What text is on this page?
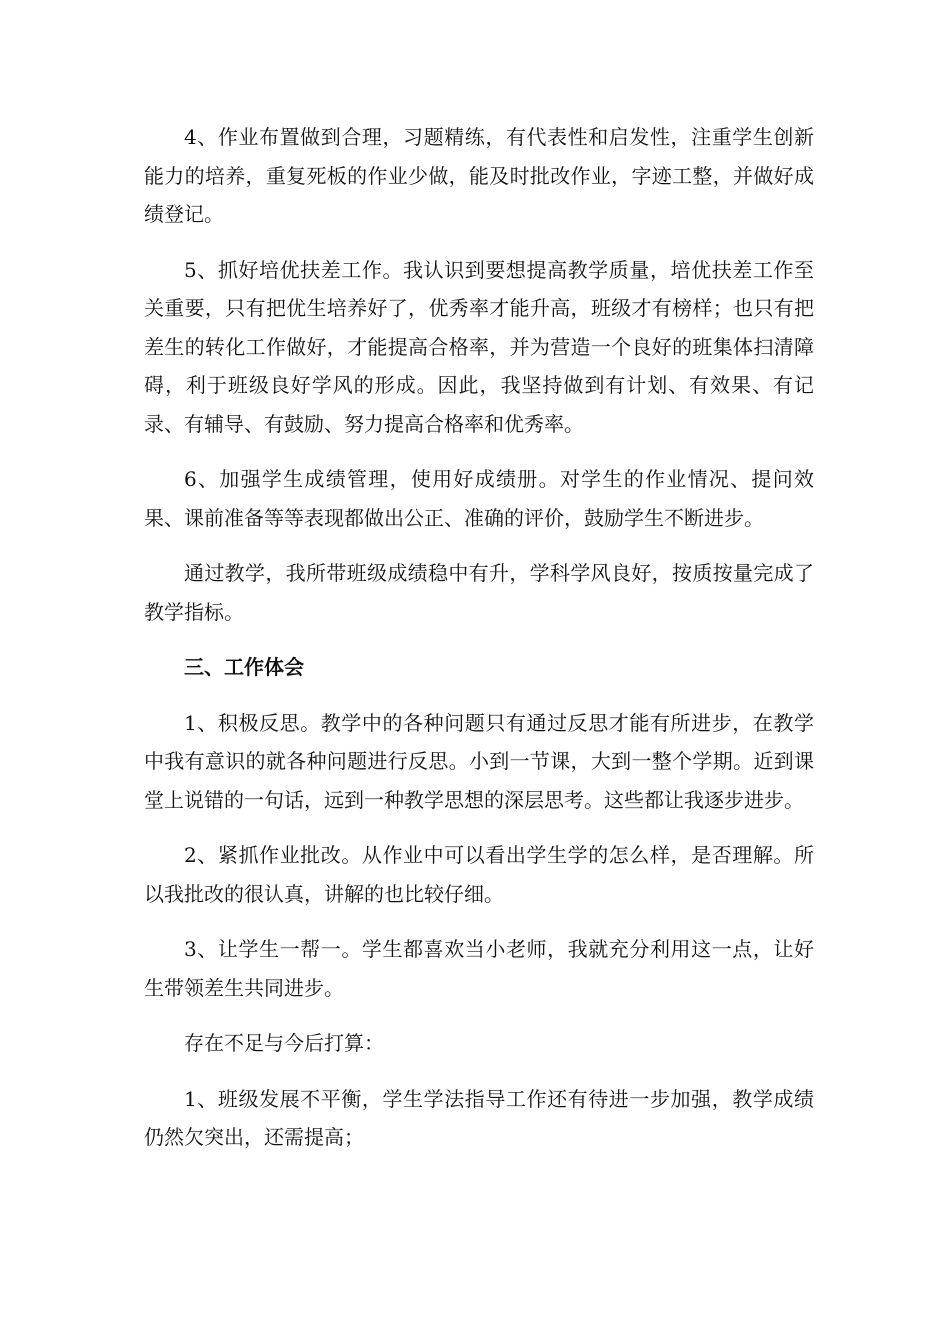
4、作业布置做到合理，习题精练，有代表性和启发性，注重学生创新能力的培养，重复死板的作业少做，能及时批改作业，字迹工整，并做好成绩登记。

5、抓好培优扶差工作。我认识到要想提高教学质量，培优扶差工作至关重要，只有把优生培养好了，优秀率才能升高，班级才有榜样；也只有把差生的转化工作做好，才能提高合格率，并为营造一个良好的班集体扫清障碍，利于班级良好学风的形成。因此，我坚持做到有计划、有效果、有记录、有辅导、有鼓励、努力提高合格率和优秀率。

6、加强学生成绩管理，使用好成绩册。对学生的作业情况、提问效果、课前准备等等表现都做出公正、准确的评价，鼓励学生不断进步。

通过教学，我所带班级成绩稳中有升，学科学风良好，按质按量完成了教学指标。

三、工作体会

1、积极反思。教学中的各种问题只有通过反思才能有所进步，在教学中我有意识的就各种问题进行反思。小到一节课，大到一整个学期。近到课堂上说错的一句话，远到一种教学思想的深层思考。这些都让我逐步进步。

2、紧抓作业批改。从作业中可以看出学生学的怎么样，是否理解。所以我批改的很认真，讲解的也比较仔细。

3、让学生一帮一。学生都喜欢当小老师，我就充分利用这一点，让好生带领差生共同进步。

存在不足与今后打算：

1、班级发展不平衡，学生学法指导工作还有待进一步加强，教学成绩仍然欠突出，还需提高；
